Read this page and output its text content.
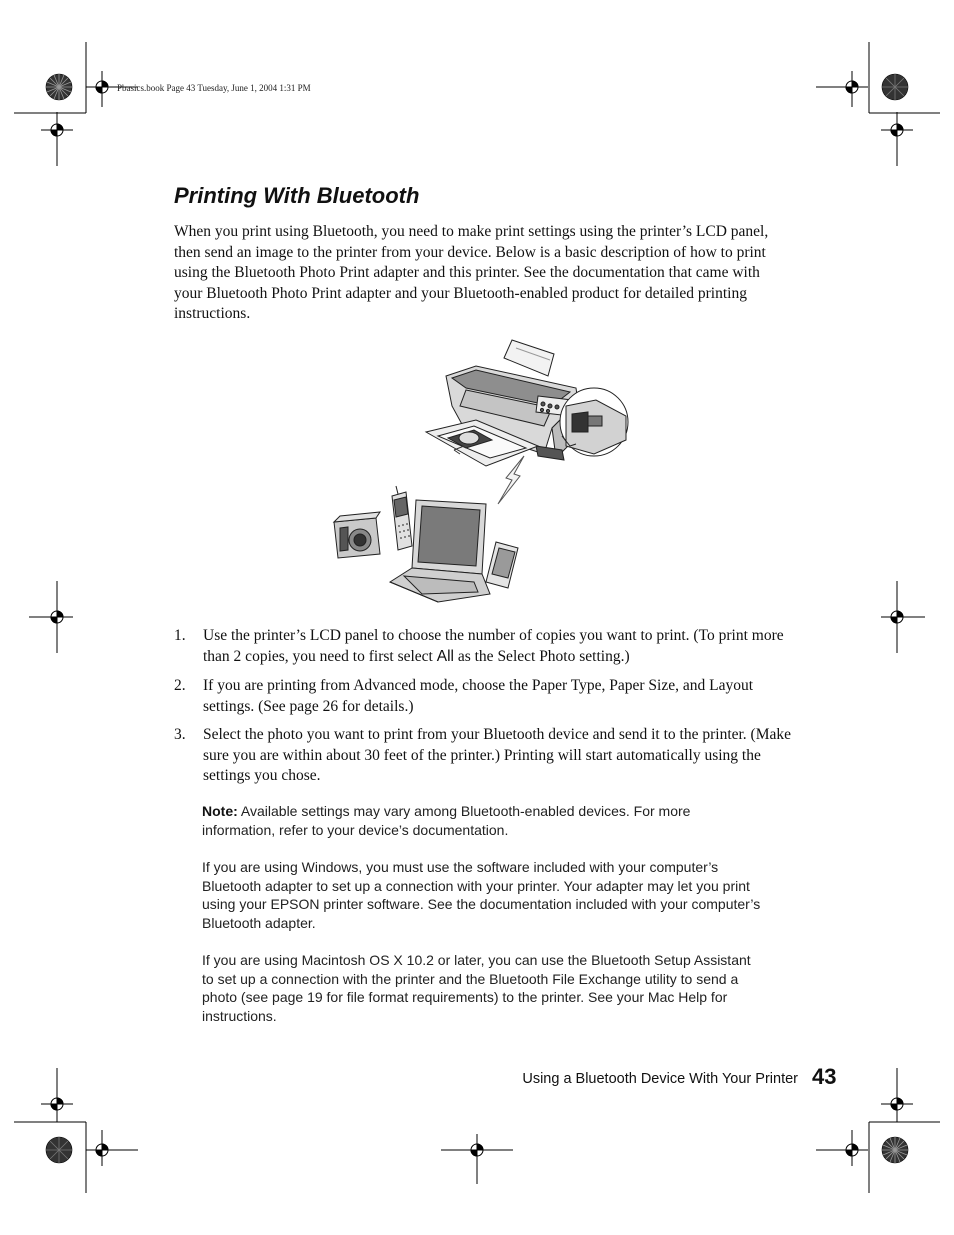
Pbasics.book Page 43 Tuesday, June 1, 2004 1:31 PM
Printing With Bluetooth

When you print using Bluetooth, you need to make print settings using the printer’s LCD panel, then send an image to the printer from your device. Below is a basic description of how to print using the Bluetooth Photo Print adapter and this printer. See the documentation that came with your Bluetooth Photo Print adapter and your Bluetooth-enabled product for detailed printing instructions.

1. Use the printer’s LCD panel to choose the number of copies you want to print. (To print more than 2 copies, you need to first select All as the Select Photo setting.)
2. If you are printing from Advanced mode, choose the Paper Type, Paper Size, and Layout settings. (See page 26 for details.)
3. Select the photo you want to print from your Bluetooth device and send it to the printer. (Make sure you are within about 30 feet of the printer.) Printing will start automatically using the settings you chose.

Note: Available settings may vary among Bluetooth-enabled devices. For more information, refer to your device’s documentation.

If you are using Windows, you must use the software included with your computer’s Bluetooth adapter to set up a connection with your printer. Your adapter may let you print using your EPSON printer software. See the documentation included with your computer’s Bluetooth adapter.

If you are using Macintosh OS X 10.2 or later, you can use the Bluetooth Setup Assistant to set up a connection with the printer and the Bluetooth File Exchange utility to send a photo (see page 19 for file format requirements) to the printer. See your Mac Help for instructions.

Using a Bluetooth Device With Your Printer 43
